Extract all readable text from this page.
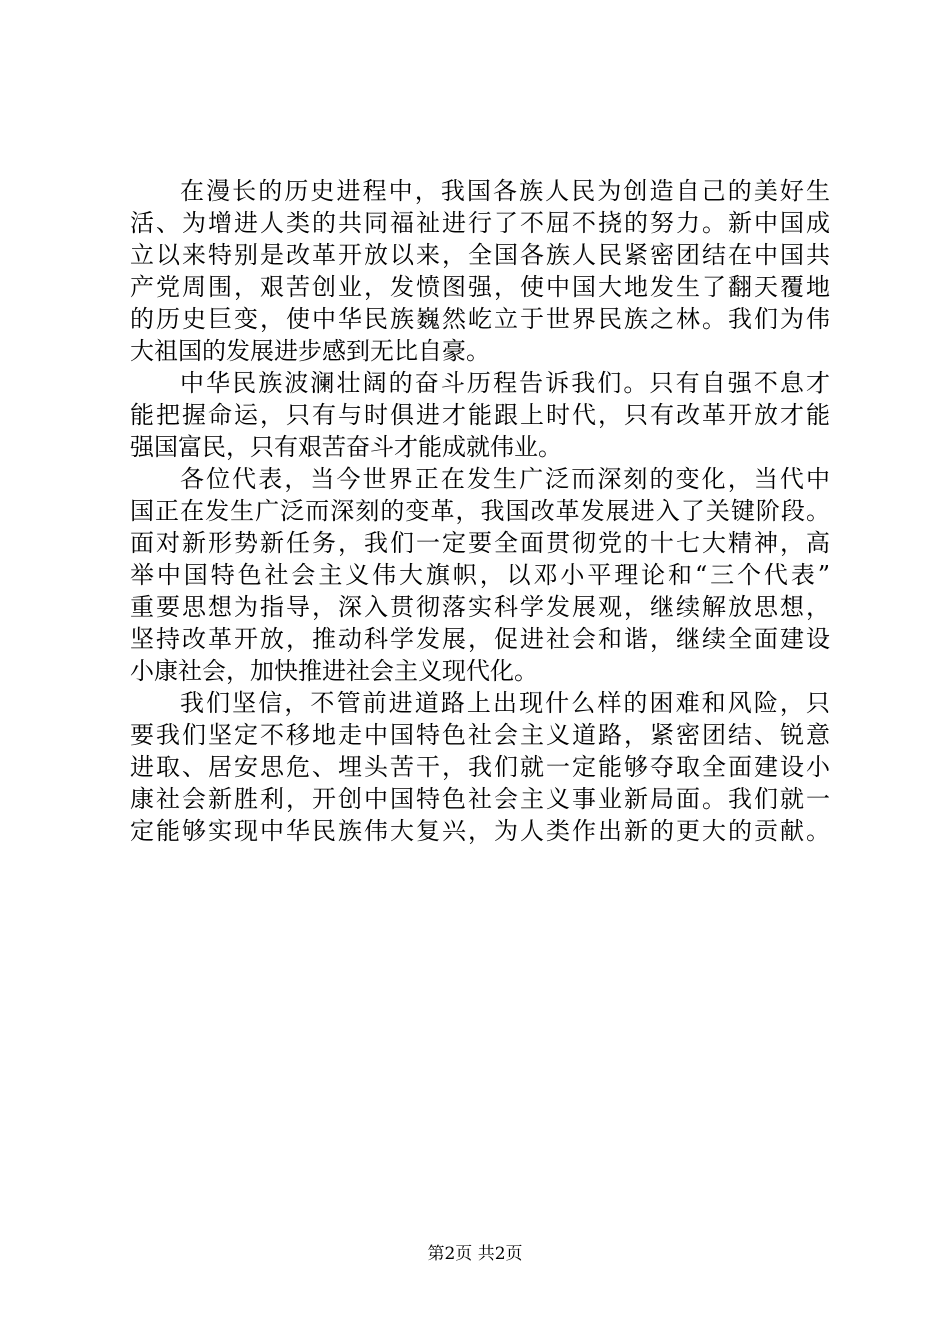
在漫长的历史进程中，我国各族人民为创造自己的美好生
活、为增进人类的共同福祉进行了不屈不挠的努力。新中国成
立以来特别是改革开放以来，全国各族人民紧密团结在中国共
产党周围，艰苦创业，发愤图强，使中国大地发生了翻天覆地
的历史巨变，使中华民族巍然屹立于世界民族之林。我们为伟
大祖国的发展进步感到无比自豪。
中华民族波澜壮阔的奋斗历程告诉我们。只有自强不息才
能把握命运，只有与时俱进才能跟上时代，只有改革开放才能
强国富民，只有艰苦奋斗才能成就伟业。
各位代表，当今世界正在发生广泛而深刻的变化，当代中
国正在发生广泛而深刻的变革，我国改革发展进入了关键阶段。
面对新形势新任务，我们一定要全面贯彻党的十七大精神，高
举中国特色社会主义伟大旗帜，以邓小平理论和“三个代表”
重要思想为指导，深入贯彻落实科学发展观，继续解放思想，
坚持改革开放，推动科学发展，促进社会和谐，继续全面建设
小康社会，加快推进社会主义现代化。
我们坚信，不管前进道路上出现什么样的困难和风险，只
要我们坚定不移地走中国特色社会主义道路，紧密团结、锐意
进取、居安思危、埋头苦干，我们就一定能够夺取全面建设小
康社会新胜利，开创中国特色社会主义事业新局面。我们就一
定能够实现中华民族伟大复兴，为人类作出新的更大的贡献。
第2页 共2页
